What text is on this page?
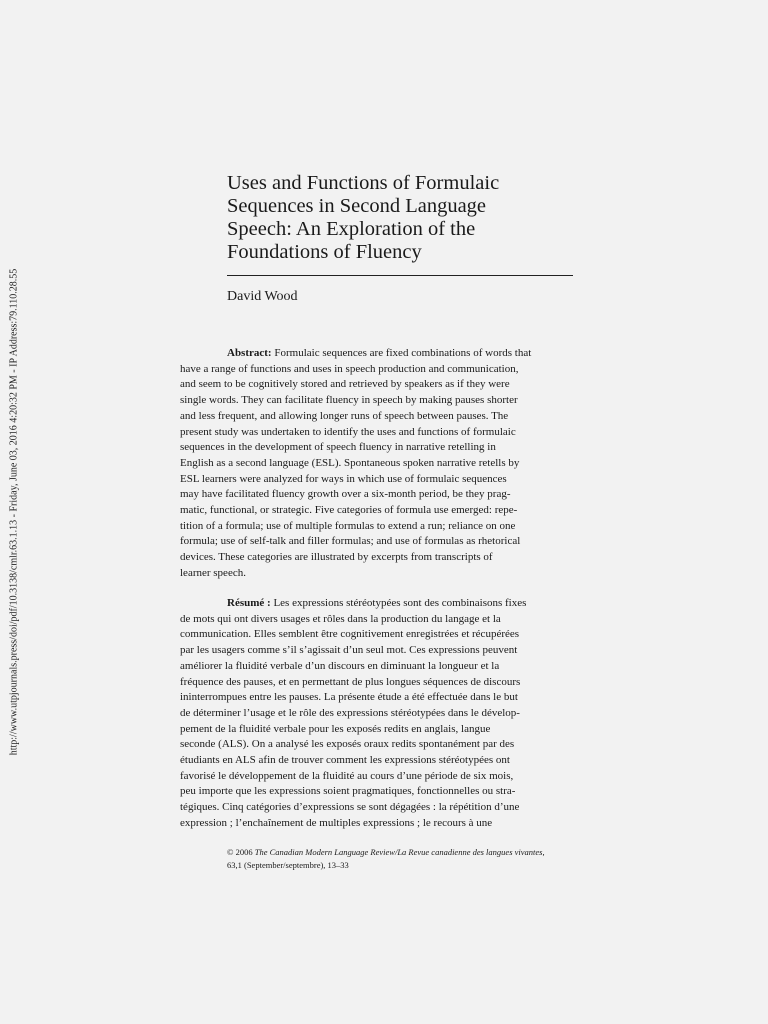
http://www.utpjournals.press/doi/pdf/10.3138/cmlr.63.1.13 - Friday, June 03, 2016 4:20:32 PM - IP Address:79.110.28.55
Uses and Functions of Formulaic
Sequences in Second Language
Speech: An Exploration of the
Foundations of Fluency
David Wood
Abstract: Formulaic sequences are fixed combinations of words that
have a range of functions and uses in speech production and communication,
and seem to be cognitively stored and retrieved by speakers as if they were
single words. They can facilitate fluency in speech by making pauses shorter
and less frequent, and allowing longer runs of speech between pauses. The
present study was undertaken to identify the uses and functions of formulaic
sequences in the development of speech fluency in narrative retelling in
English as a second language (ESL). Spontaneous spoken narrative retells by
ESL learners were analyzed for ways in which use of formulaic sequences
may have facilitated fluency growth over a six-month period, be they prag-
matic, functional, or strategic. Five categories of formula use emerged: repe-
tition of a formula; use of multiple formulas to extend a run; reliance on one
formula; use of self-talk and filler formulas; and use of formulas as rhetorical
devices. These categories are illustrated by excerpts from transcripts of
learner speech.
Résumé : Les expressions stéréotypées sont des combinaisons fixes
de mots qui ont divers usages et rôles dans la production du langage et la
communication. Elles semblent être cognitivement enregistrées et récupérées
par les usagers comme s’il s’agissait d’un seul mot. Ces expressions peuvent
améliorer la fluidité verbale d’un discours en diminuant la longueur et la
fréquence des pauses, et en permettant de plus longues séquences de discours
ininterrompues entre les pauses. La présente étude a été effectuée dans le but
de déterminer l’usage et le rôle des expressions stéréotypées dans le dévelop-
pement de la fluidité verbale pour les exposés redits en anglais, langue
seconde (ALS). On a analysé les exposés oraux redits spontanément par des
étudiants en ALS afin de trouver comment les expressions stéréotypées ont
favorisé le développement de la fluidité au cours d’une période de six mois,
peu importe que les expressions soient pragmatiques, fonctionnelles ou stra-
tégiques. Cinq catégories d’expressions se sont dégagées : la répétition d’une
expression ; l’enchaînement de multiples expressions ; le recours à une
© 2006 The Canadian Modern Language Review/La Revue canadienne des langues vivantes,
63,1 (September/septembre), 13–33
